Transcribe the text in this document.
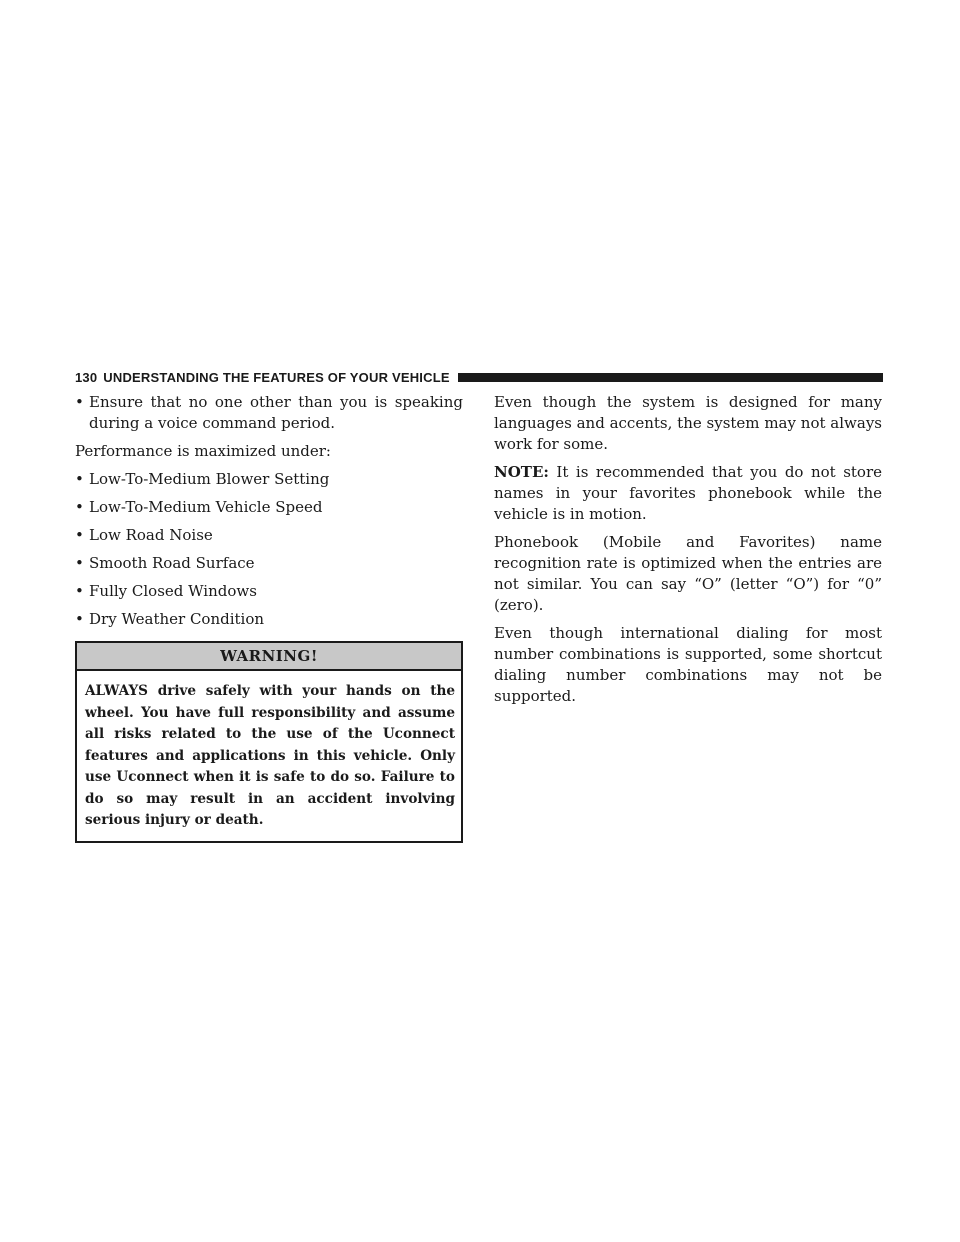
130 UNDERSTANDING THE FEATURES OF YOUR VEHICLE
• Ensure that no one other than you is speaking during a voice command period.

Performance is maximized under:

• Low-To-Medium Blower Setting
• Low-To-Medium Vehicle Speed
• Low Road Noise
• Smooth Road Surface
• Fully Closed Windows
• Dry Weather Condition
WARNING!
ALWAYS drive safely with your hands on the wheel. You have full responsibility and assume all risks related to the use of the Uconnect features and applications in this vehicle. Only use Uconnect when it is safe to do so. Failure to do so may result in an accident involving serious injury or death.

Even though the system is designed for many languages and accents, the system may not always work for some.

NOTE: It is recommended that you do not store names in your favorites phonebook while the vehicle is in motion.

Phonebook (Mobile and Favorites) name recognition rate is optimized when the entries are not similar. You can say “O” (letter “O”) for “0” (zero).

Even though international dialing for most number combinations is supported, some shortcut dialing number combinations may not be supported.
